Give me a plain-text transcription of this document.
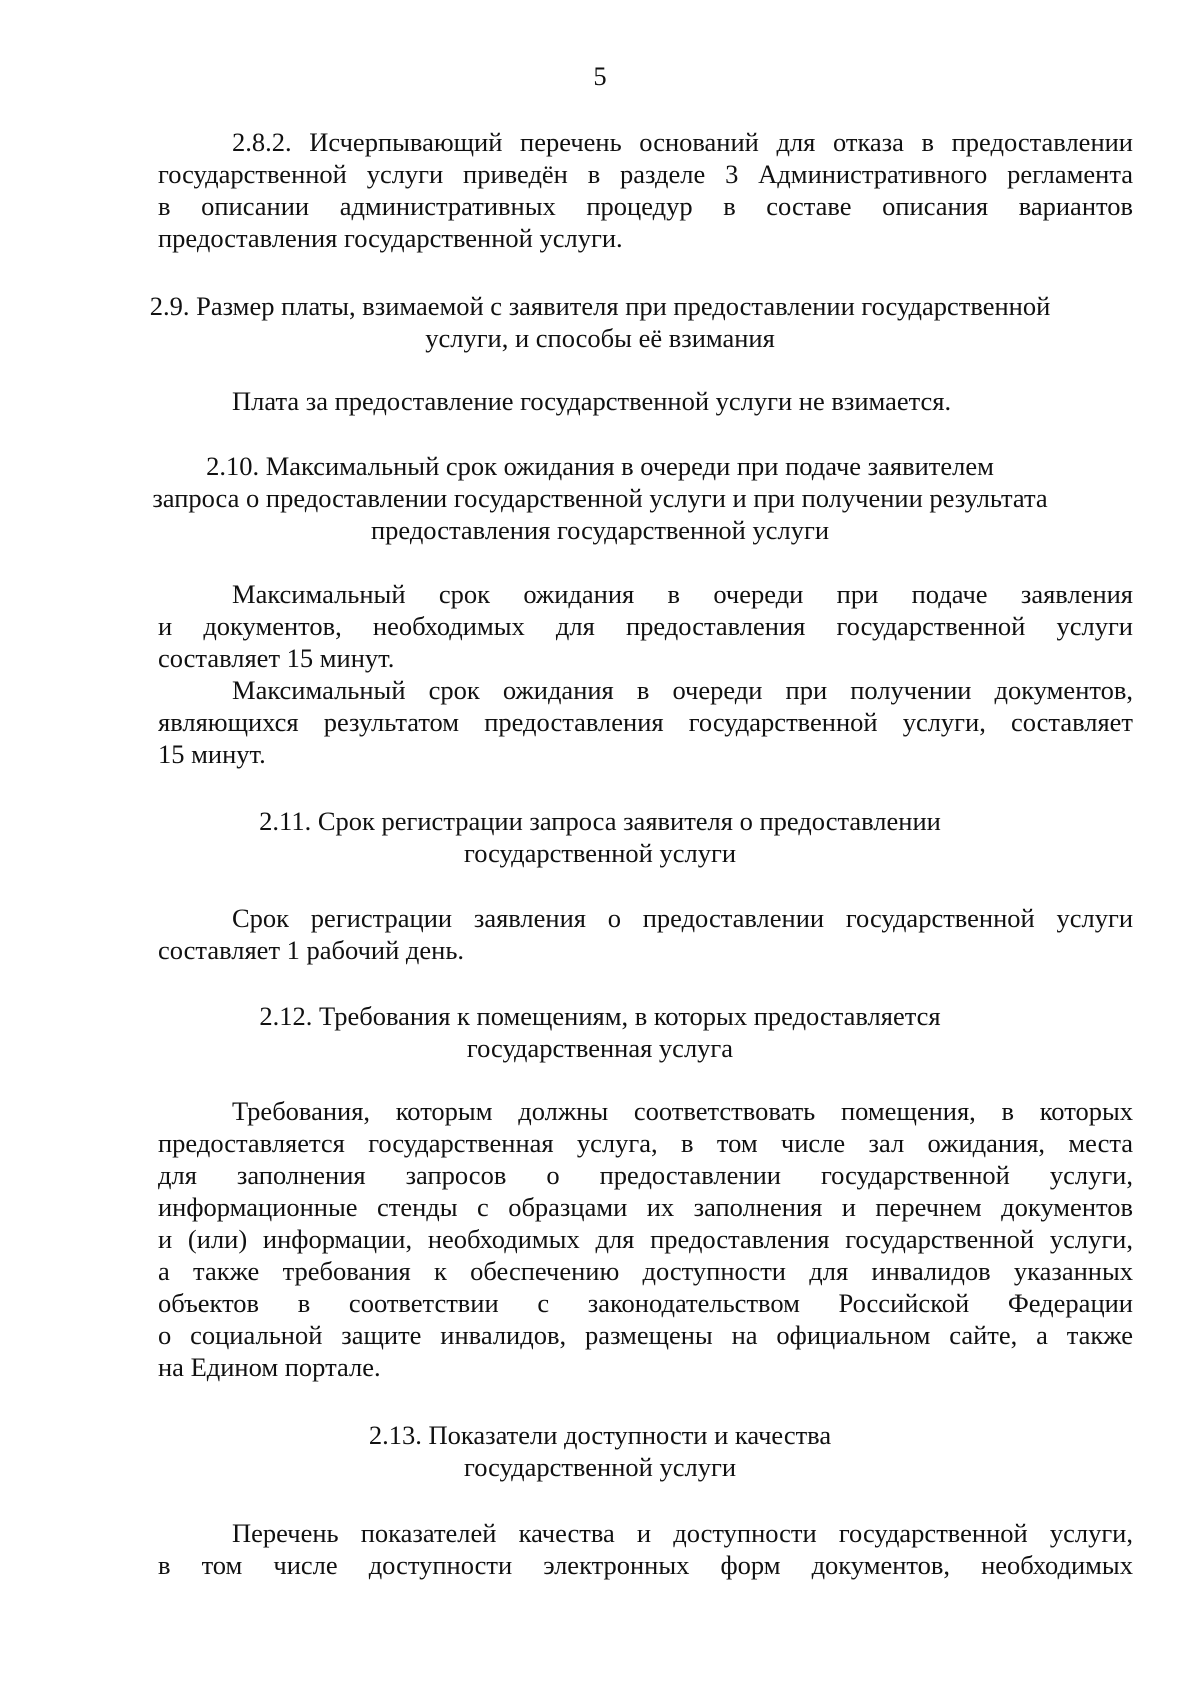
5
2.8.2. Исчерпывающий перечень оснований для отказа в предоставлении
государственной услуги приведён в разделе 3 Административного регламента
в описании административных процедур в составе описания вариантов
предоставления государственной услуги.
2.9. Размер платы, взимаемой с заявителя при предоставлении государственной
услуги, и способы её взимания
Плата за предоставление государственной услуги не взимается.
2.10. Максимальный срок ожидания в очереди при подаче заявителем
запроса о предоставлении государственной услуги и при получении результата
предоставления государственной услуги
Максимальный срок ожидания в очереди при подаче заявления
и документов, необходимых для предоставления государственной услуги
составляет 15 минут.
Максимальный срок ожидания в очереди при получении документов,
являющихся результатом предоставления государственной услуги, составляет
15 минут.
2.11. Срок регистрации запроса заявителя о предоставлении
государственной услуги
Срок регистрации заявления о предоставлении государственной услуги
составляет 1 рабочий день.
2.12. Требования к помещениям, в которых предоставляется
государственная услуга
Требования, которым должны соответствовать помещения, в которых
предоставляется государственная услуга, в том числе зал ожидания, места
для заполнения запросов о предоставлении государственной услуги,
информационные стенды с образцами их заполнения и перечнем документов
и (или) информации, необходимых для предоставления государственной услуги,
а также требования к обеспечению доступности для инвалидов указанных
объектов в соответствии с законодательством Российской Федерации
о социальной защите инвалидов, размещены на официальном сайте, а также
на Едином портале.
2.13. Показатели доступности и качества
государственной услуги
Перечень показателей качества и доступности государственной услуги,
в том числе доступности электронных форм документов, необходимых
